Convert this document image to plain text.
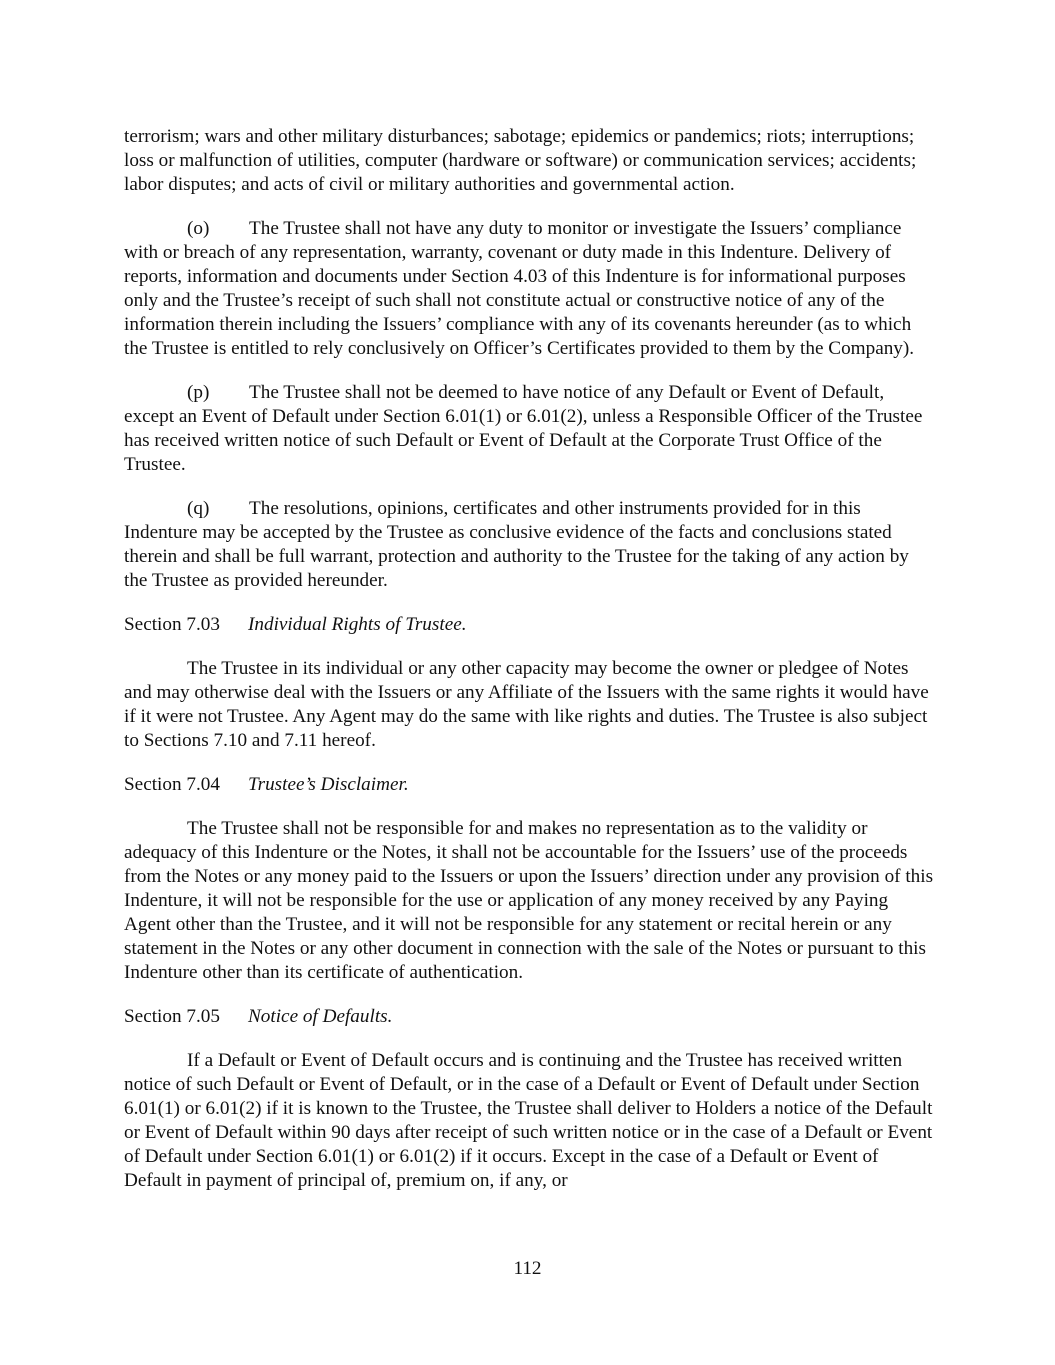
terrorism; wars and other military disturbances; sabotage; epidemics or pandemics; riots; interruptions; loss or malfunction of utilities, computer (hardware or software) or communication services; accidents; labor disputes; and acts of civil or military authorities and governmental action.

(o) The Trustee shall not have any duty to monitor or investigate the Issuers’ compliance with or breach of any representation, warranty, covenant or duty made in this Indenture. Delivery of reports, information and documents under Section 4.03 of this Indenture is for informational purposes only and the Trustee’s receipt of such shall not constitute actual or constructive notice of any of the information therein including the Issuers’ compliance with any of its covenants hereunder (as to which the Trustee is entitled to rely conclusively on Officer’s Certificates provided to them by the Company).

(p) The Trustee shall not be deemed to have notice of any Default or Event of Default, except an Event of Default under Section 6.01(1) or 6.01(2), unless a Responsible Officer of the Trustee has received written notice of such Default or Event of Default at the Corporate Trust Office of the Trustee.

(q) The resolutions, opinions, certificates and other instruments provided for in this Indenture may be accepted by the Trustee as conclusive evidence of the facts and conclusions stated therein and shall be full warrant, protection and authority to the Trustee for the taking of any action by the Trustee as provided hereunder.

Section 7.03 Individual Rights of Trustee.

The Trustee in its individual or any other capacity may become the owner or pledgee of Notes and may otherwise deal with the Issuers or any Affiliate of the Issuers with the same rights it would have if it were not Trustee. Any Agent may do the same with like rights and duties. The Trustee is also subject to Sections 7.10 and 7.11 hereof.

Section 7.04 Trustee’s Disclaimer.

The Trustee shall not be responsible for and makes no representation as to the validity or adequacy of this Indenture or the Notes, it shall not be accountable for the Issuers’ use of the proceeds from the Notes or any money paid to the Issuers or upon the Issuers’ direction under any provision of this Indenture, it will not be responsible for the use or application of any money received by any Paying Agent other than the Trustee, and it will not be responsible for any statement or recital herein or any statement in the Notes or any other document in connection with the sale of the Notes or pursuant to this Indenture other than its certificate of authentication.

Section 7.05 Notice of Defaults.

If a Default or Event of Default occurs and is continuing and the Trustee has received written notice of such Default or Event of Default, or in the case of a Default or Event of Default under Section 6.01(1) or 6.01(2) if it is known to the Trustee, the Trustee shall deliver to Holders a notice of the Default or Event of Default within 90 days after receipt of such written notice or in the case of a Default or Event of Default under Section 6.01(1) or 6.01(2) if it occurs. Except in the case of a Default or Event of Default in payment of principal of, premium on, if any, or

112
